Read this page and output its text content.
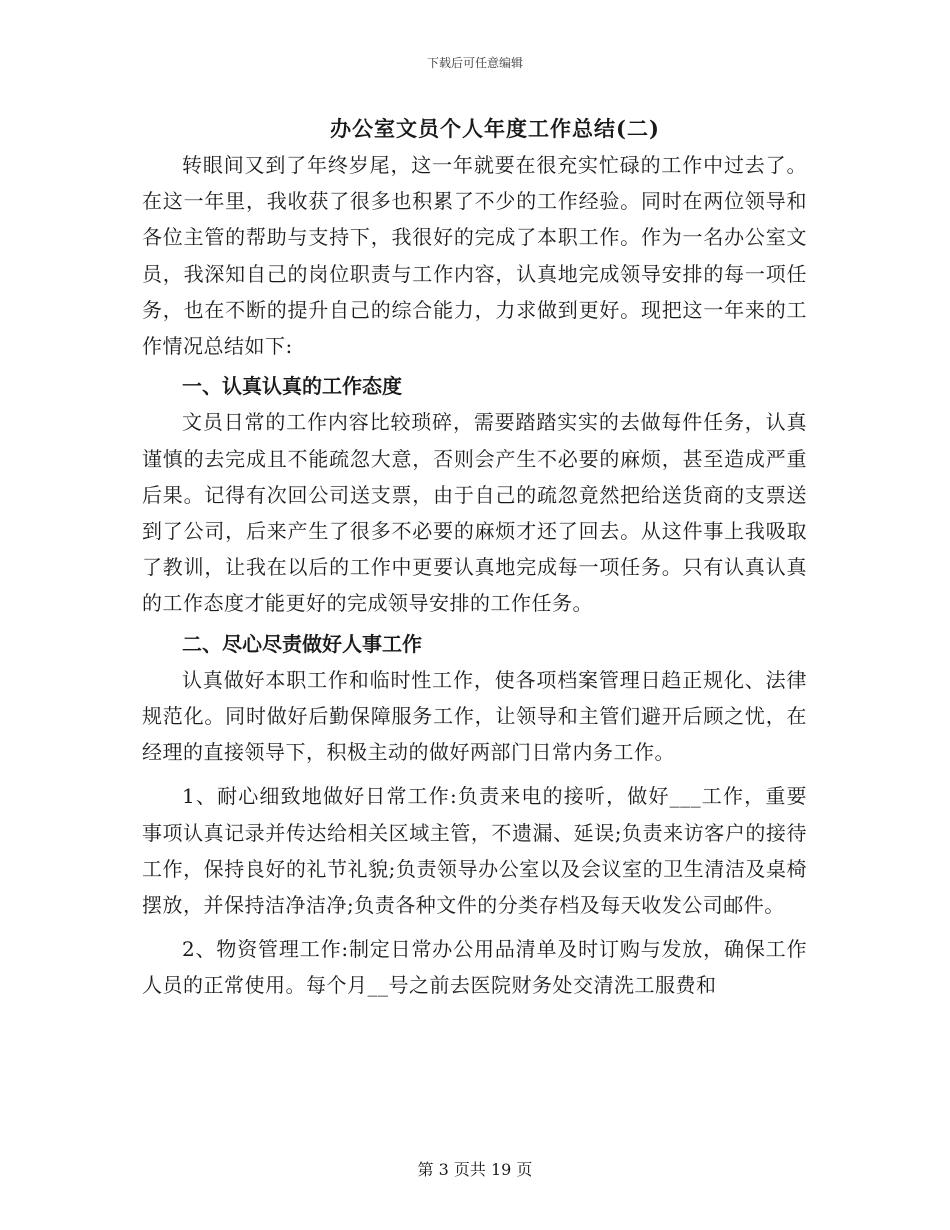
下载后可任意编辑
办公室文员个人年度工作总结(二)

转眼间又到了年终岁尾，这一年就要在很充实忙碌的工作中过去了。在这一年里，我收获了很多也积累了不少的工作经验。同时在两位领导和各位主管的帮助与支持下，我很好的完成了本职工作。作为一名办公室文员，我深知自己的岗位职责与工作内容，认真地完成领导安排的每一项任务，也在不断的提升自己的综合能力，力求做到更好。现把这一年来的工作情况总结如下:

一、认真认真的工作态度

文员日常的工作内容比较琐碎，需要踏踏实实的去做每件任务，认真谨慎的去完成且不能疏忽大意，否则会产生不必要的麻烦，甚至造成严重后果。记得有次回公司送支票，由于自己的疏忽竟然把给送货商的支票送到了公司，后来产生了很多不必要的麻烦才还了回去。从这件事上我吸取了教训，让我在以后的工作中更要认真地完成每一项任务。只有认真认真的工作态度才能更好的完成领导安排的工作任务。

二、尽心尽责做好人事工作

认真做好本职工作和临时性工作，使各项档案管理日趋正规化、法律规范化。同时做好后勤保障服务工作，让领导和主管们避开后顾之忧，在经理的直接领导下，积极主动的做好两部门日常内务工作。

1、耐心细致地做好日常工作:负责来电的接听，做好___工作，重要事项认真记录并传达给相关区域主管，不遗漏、延误;负责来访客户的接待工作，保持良好的礼节礼貌;负责领导办公室以及会议室的卫生清洁及桌椅摆放，并保持洁净洁净;负责各种文件的分类存档及每天收发公司邮件。

2、物资管理工作:制定日常办公用品清单及时订购与发放，确保工作人员的正常使用。每个月__号之前去医院财务处交清洗工服费和

第 3 页共 19 页
